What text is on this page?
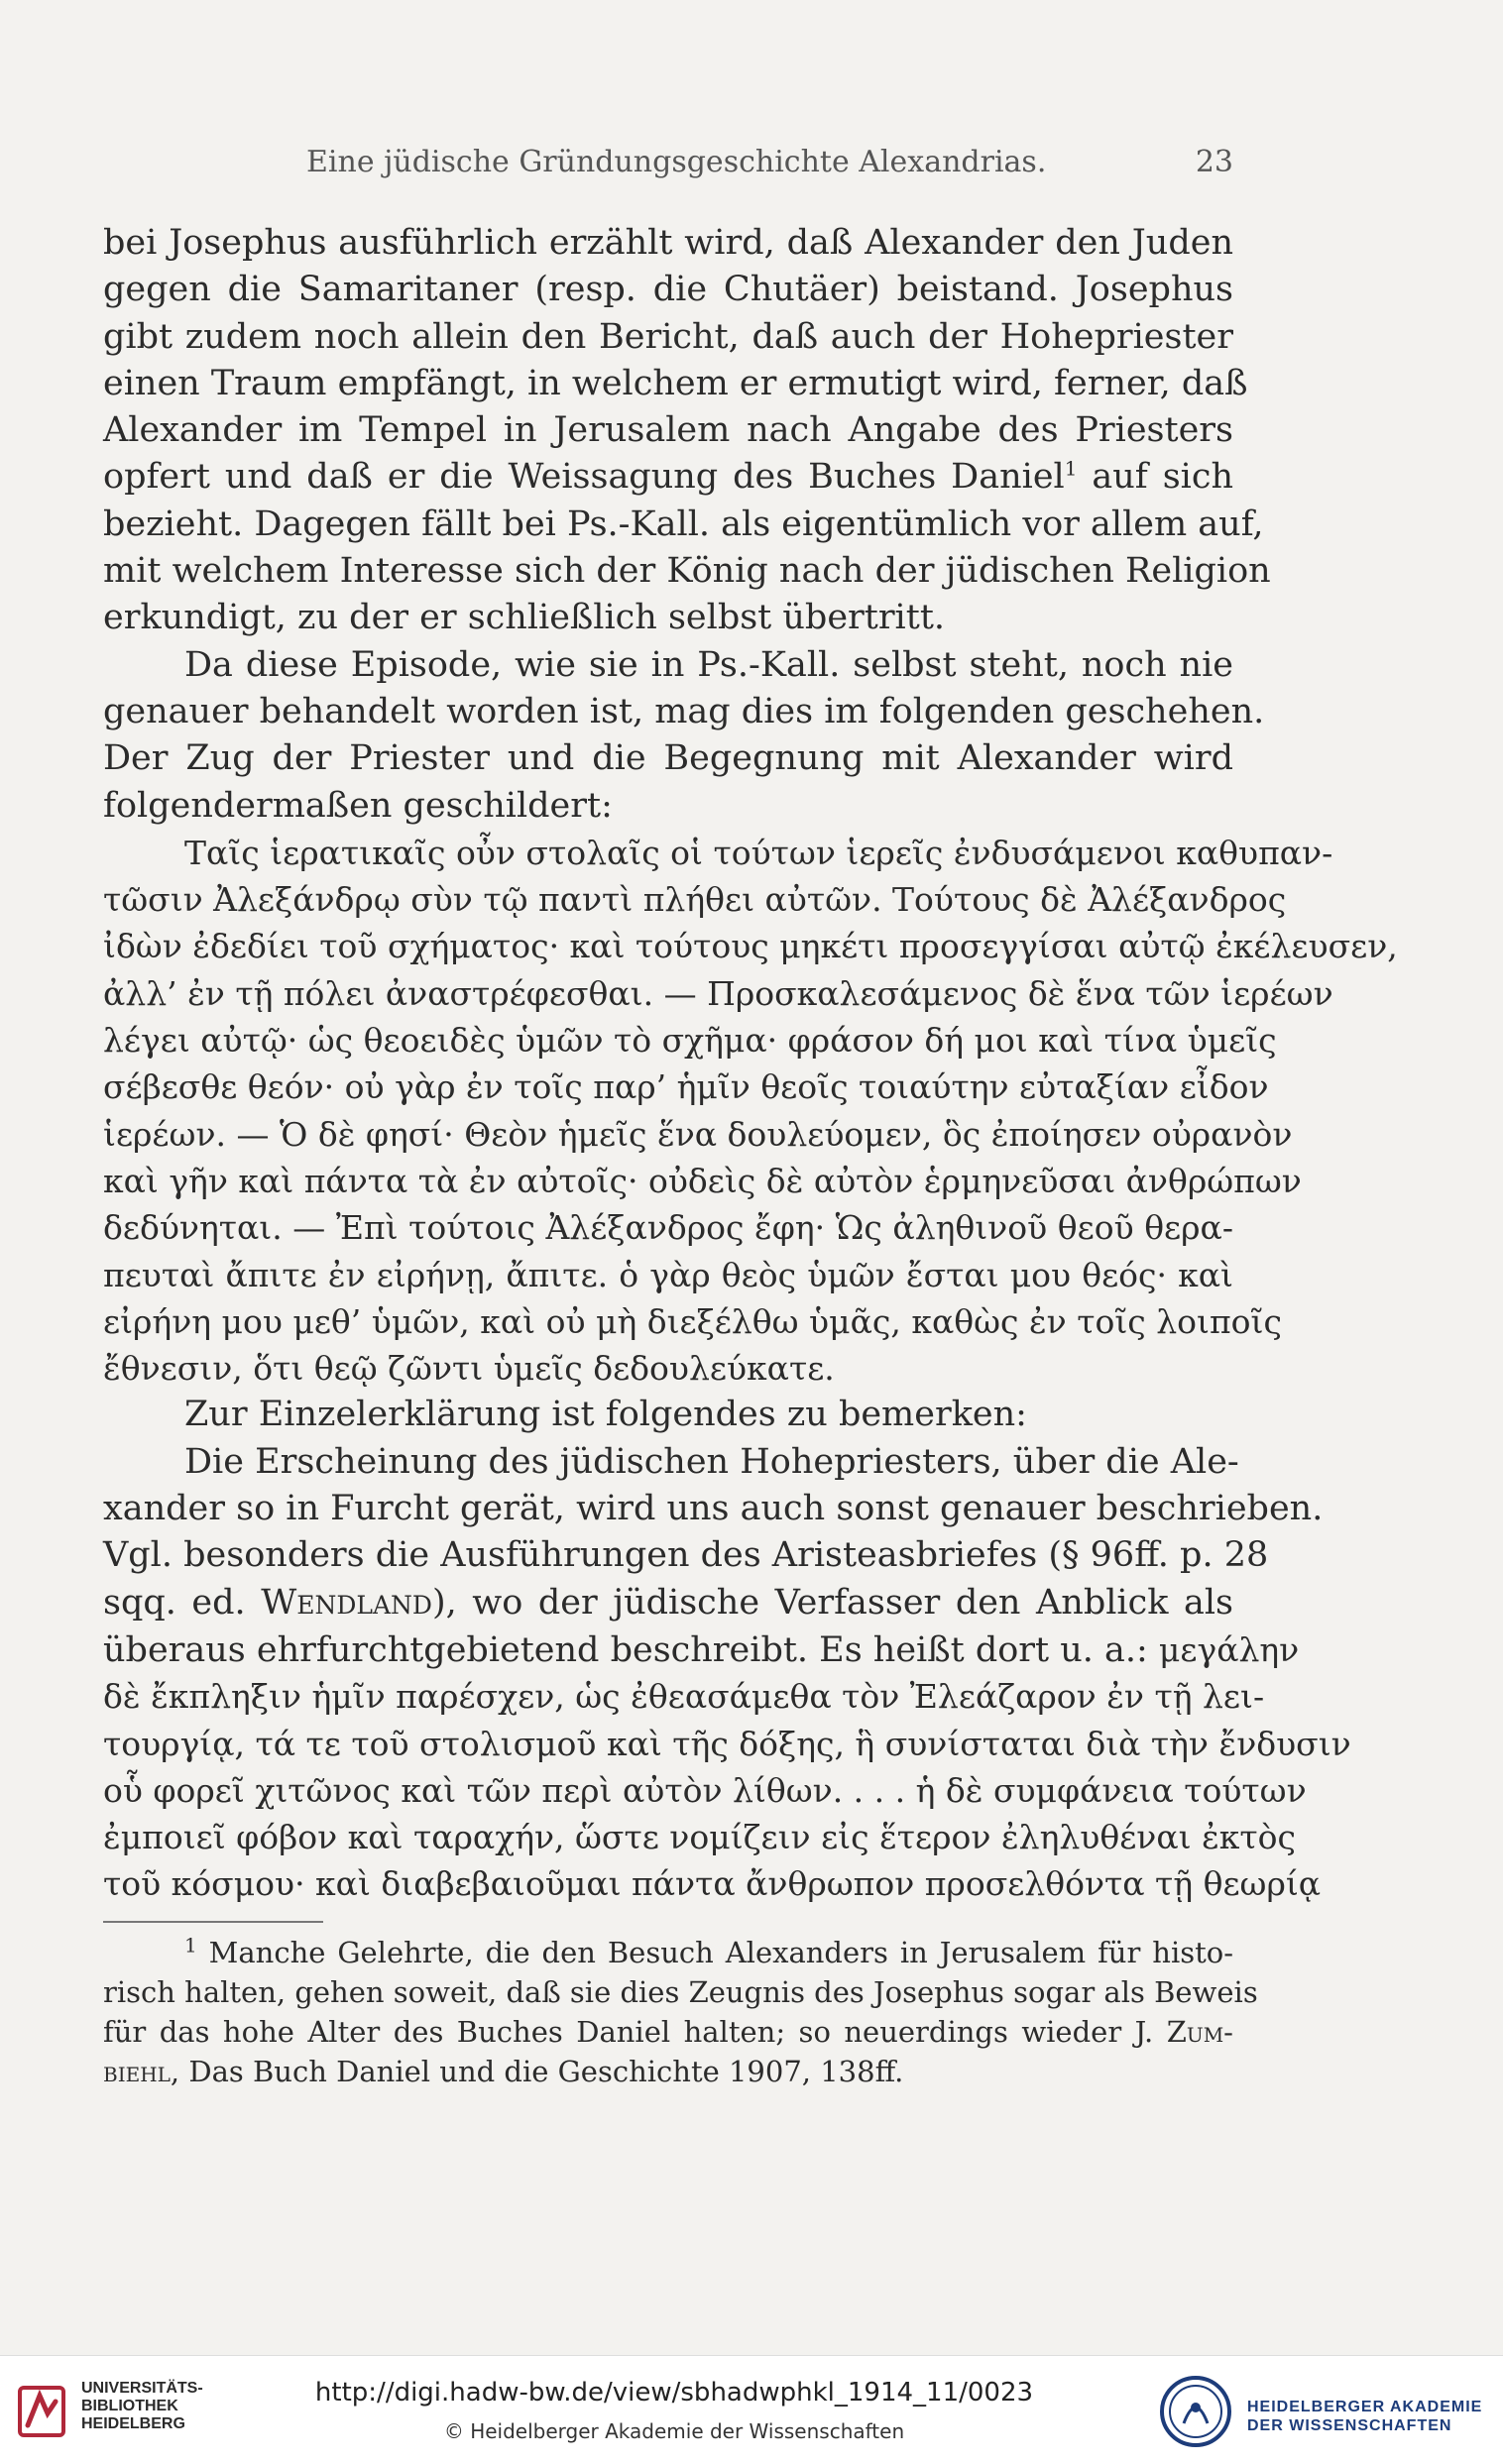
Eine jüdische Gründungsgeschichte Alexandrias.	23
bei Josephus ausführlich erzählt wird, daß Alexander den Juden
gegen die Samaritaner (resp. die Chutäer) beistand. Josephus
gibt zudem noch allein den Bericht, daß auch der Hohepriester
einen Traum empfängt, in welchem er ermutigt wird, ferner, daß
Alexander im Tempel in Jerusalem nach Angabe des Priesters
opfert und daß er die Weissagung des Buches Daniel$^1$ auf sich
bezieht. Dagegen fällt bei Ps.-Kall. als eigentümlich vor allem auf,
mit welchem Interesse sich der König nach der jüdischen Religion
erkundigt, zu der er schließlich selbst übertritt.
Da diese Episode, wie sie in Ps.-Kall. selbst steht, noch nie
genauer behandelt worden ist, mag dies im folgenden geschehen.
Der Zug der Priester und die Begegnung mit Alexander wird
folgendermaßen geschildert:
Ταῖς ἱερατικαῖς οὖν στολαῖς οἱ τούτων ἱερεῖς ἐνδυσάμενοι καθυπαν-
τῶσιν Ἀλεξάνδρῳ σὺν τῷ παντὶ πλήθει αὐτῶν. Τούτους δὲ Ἀλέξανδρος
ἰδὼν ἐδεδίει τοῦ σχήματος· καὶ τούτους μηκέτι προσεγγίσαι αὐτῷ ἐκέλευσεν,
ἀλλ’ ἐν τῇ πόλει ἀναστρέφεσθαι. — Προσκαλεσάμενος δὲ ἕνα τῶν ἱερέων
λέγει αὐτῷ· ὡς θεοειδὲς ὑμῶν τὸ σχῆμα· φράσον δή μοι καὶ τίνα ὑμεῖς
σέβεσθε θεόν· οὐ γὰρ ἐν τοῖς παρ’ ἡμῖν θεοῖς τοιαύτην εὐταξίαν εἶδον
ἱερέων. — Ὁ δὲ φησί· Θεὸν ἡμεῖς ἕνα δουλεύομεν, ὃς ἐποίησεν οὐρανὸν
καὶ γῆν καὶ πάντα τὰ ἐν αὐτοῖς· οὐδεὶς δὲ αὐτὸν ἑρμηνεῦσαι ἀνθρώπων
δεδύνηται. — Ἐπὶ τούτοις Ἀλέξανδρος ἔφη· Ὡς ἀληθινοῦ θεοῦ θερα-
πευταὶ ἄπιτε ἐν εἰρήνῃ, ἄπιτε. ὁ γὰρ θεὸς ὑμῶν ἔσται μου θεός· καὶ
εἰρήνη μου μεθ’ ὑμῶν, καὶ οὐ μὴ διεξέλθω ὑμᾶς, καθὼς ἐν τοῖς λοιποῖς
ἔθνεσιν, ὅτι θεῷ ζῶντι ὑμεῖς δεδουλεύκατε.
Zur Einzelerklärung ist folgendes zu bemerken:
Die Erscheinung des jüdischen Hohepriesters, über die Ale-
xander so in Furcht gerät, wird uns auch sonst genauer beschrieben.
Vgl. besonders die Ausführungen des Aristeasbriefes (§ 96ff. p. 28
sqq. ed. Wendland), wo der jüdische Verfasser den Anblick als
überaus ehrfurchtgebietend beschreibt. Es heißt dort u. a.: μεγάλην
δὲ ἔκπληξιν ἡμῖν παρέσχεν, ὡς ἐθεασάμεθα τὸν Ἐλεάζαρον ἐν τῇ λει-
τουργίᾳ, τά τε τοῦ στολισμοῦ καὶ τῆς δόξης, ἣ συνίσταται διὰ τὴν ἔνδυσιν
οὗ φορεῖ χιτῶνος καὶ τῶν περὶ αὐτὸν λίθων. . . . ἡ δὲ συμφάνεια τούτων
ἐμποιεῖ φόβον καὶ ταραχήν, ὥστε νομίζειν εἰς ἕτερον ἐληλυθέναι ἐκτὸς
τοῦ κόσμου· καὶ διαβεβαιοῦμαι πάντα ἄνθρωπον προσελθόντα τῇ θεωρίᾳ
$^1$ Manche Gelehrte, die den Besuch Alexanders in Jerusalem für histo-
risch halten, gehen soweit, daß sie dies Zeugnis des Josephus sogar als Beweis
für das hohe Alter des Buches Daniel halten; so neuerdings wieder J. Zum-
biehl, Das Buch Daniel und die Geschichte 1907, 138ff.
UNIVERSITÄTS-
BIBLIOTHEK
HEIDELBERG
http://digi.hadw-bw.de/view/sbhadwphkl_1914_11/0023
© Heidelberger Akademie der Wissenschaften
HEIDELBERGER AKADEMIE
DER WISSENSCHAFTEN
